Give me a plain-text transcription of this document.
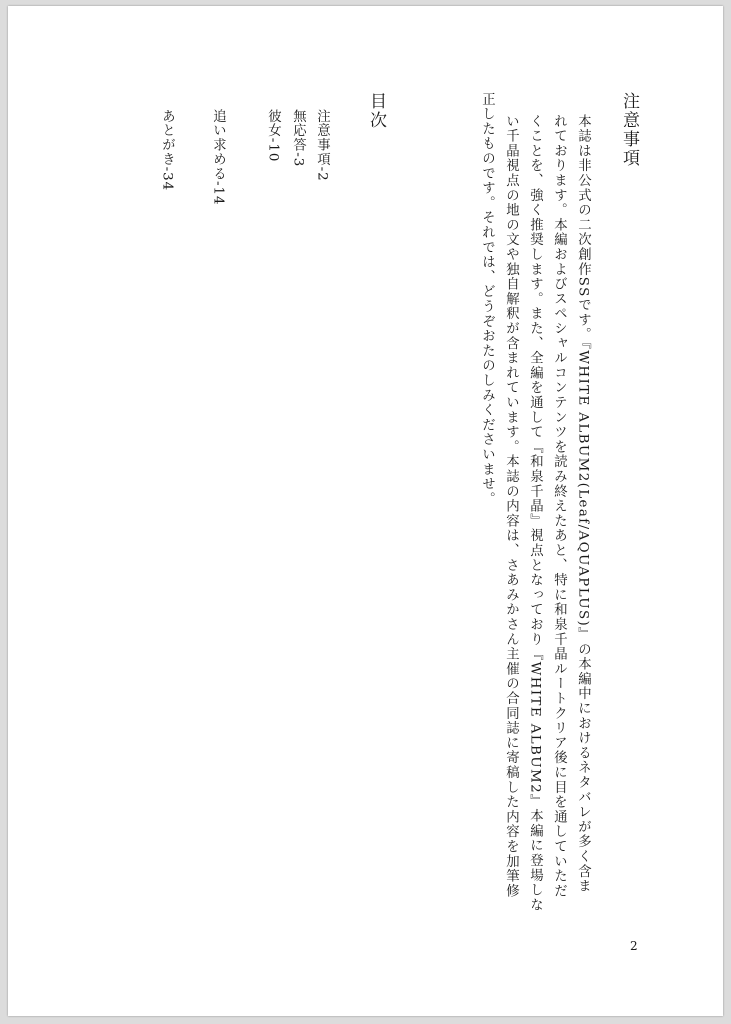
注意事項
本誌は非公式の二次創作SSです。『WHITE ALBUM2(Leaf/AQUAPLUS)』の本編中におけるネタバレが多く含ま
れております。本編およびスペシャルコンテンツを読み終えたあと、特に和泉千晶ルートクリア後に目を通していただ
くことを、強く推奨します。また、全編を通して『和泉千晶』視点となっており『WHITE ALBUM2』本編に登場しな
い千晶視点の地の文や独自解釈が含まれています。本誌の内容は、さあみかさん主催の合同誌に寄稿した内容を加筆修
正したものです。それでは、どうぞおたのしみくださいませ。
目次
注意事項-2
無応答-3
彼女-10
追い求める-14
あとがき-34
2
